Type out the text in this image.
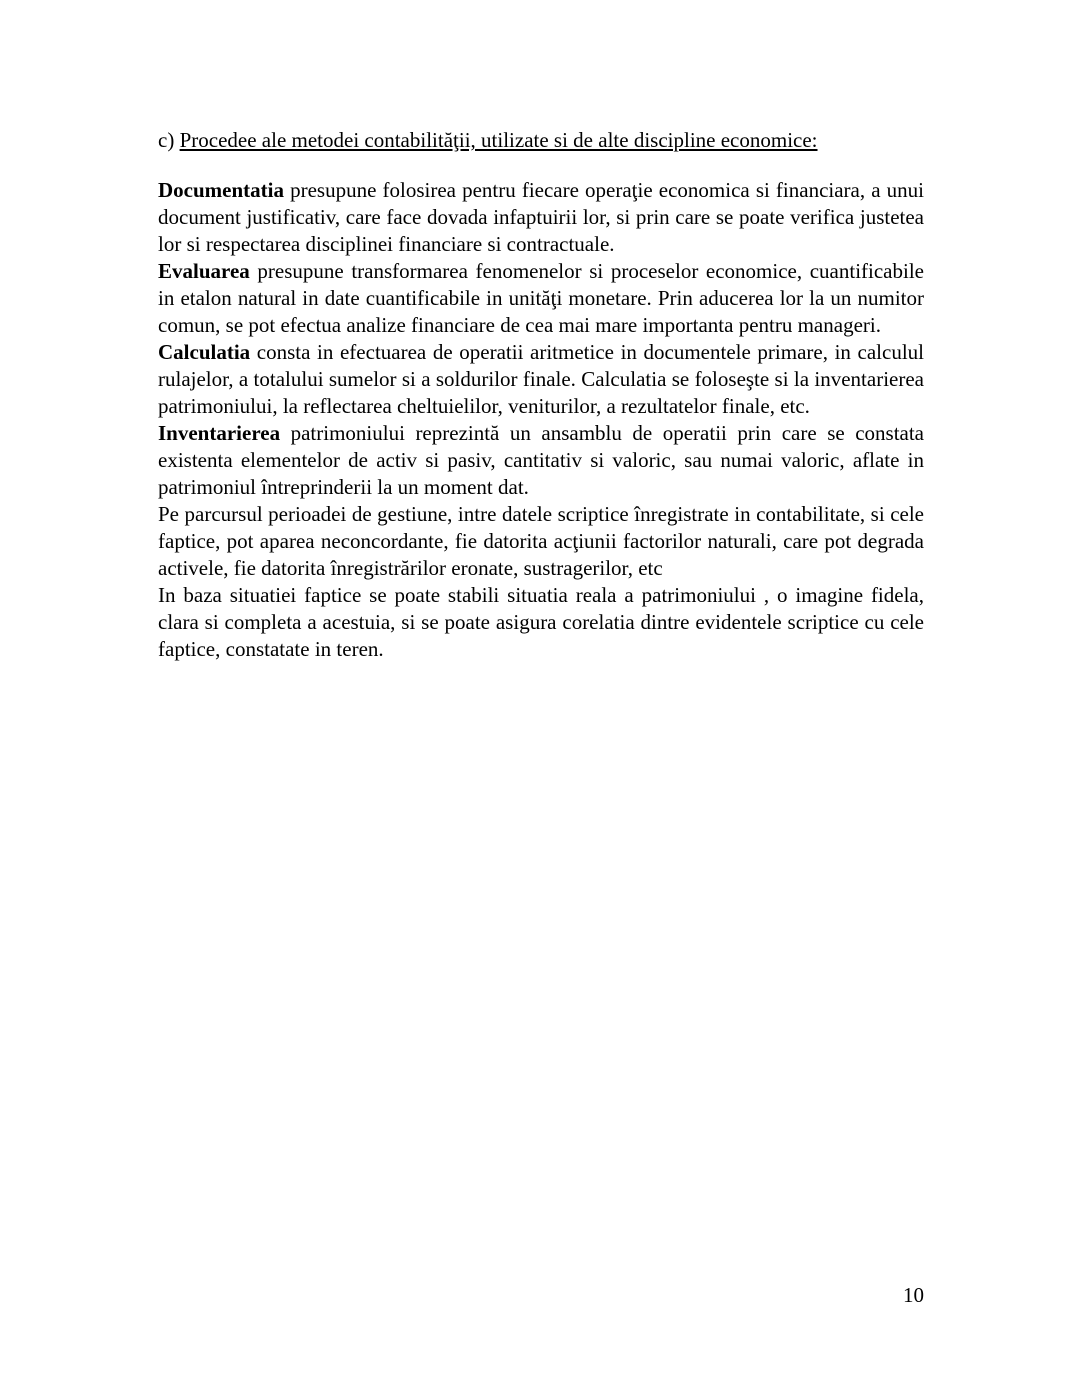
c) Procedee ale metodei contabilităţii, utilizate si de alte discipline economice:

Documentatia presupune folosirea pentru fiecare operaţie economica si financiara, a unui document justificativ, care face dovada infaptuirii lor, si prin care se poate verifica justetea lor si respectarea disciplinei financiare si contractuale.

Evaluarea presupune transformarea fenomenelor si proceselor economice, cuantificabile in etalon natural in date cuantificabile in unităţi monetare. Prin aducerea lor la un numitor comun, se pot efectua analize financiare de cea mai mare importanta pentru manageri.

Calculatia consta in efectuarea de operatii aritmetice in documentele primare, in calculul rulajelor, a totalului sumelor si a soldurilor finale. Calculatia se foloseşte si la inventarierea patrimoniului, la reflectarea cheltuielilor, veniturilor, a rezultatelor finale, etc.

Inventarierea patrimoniului reprezintă un ansamblu de operatii prin care se constata existenta elementelor de activ si pasiv, cantitativ si valoric, sau numai valoric, aflate in patrimoniul întreprinderii la un moment dat.

Pe parcursul perioadei de gestiune, intre datele scriptice înregistrate in contabilitate, si cele faptice, pot aparea neconcordante, fie datorita acţiunii factorilor naturali, care pot degrada activele, fie datorita înregistrărilor eronate, sustragerilor, etc

In baza situatiei faptice se poate stabili situatia reala a patrimoniului , o imagine fidela, clara si completa a acestuia, si se poate asigura corelatia dintre evidentele scriptice cu cele faptice, constatate in teren.

10
